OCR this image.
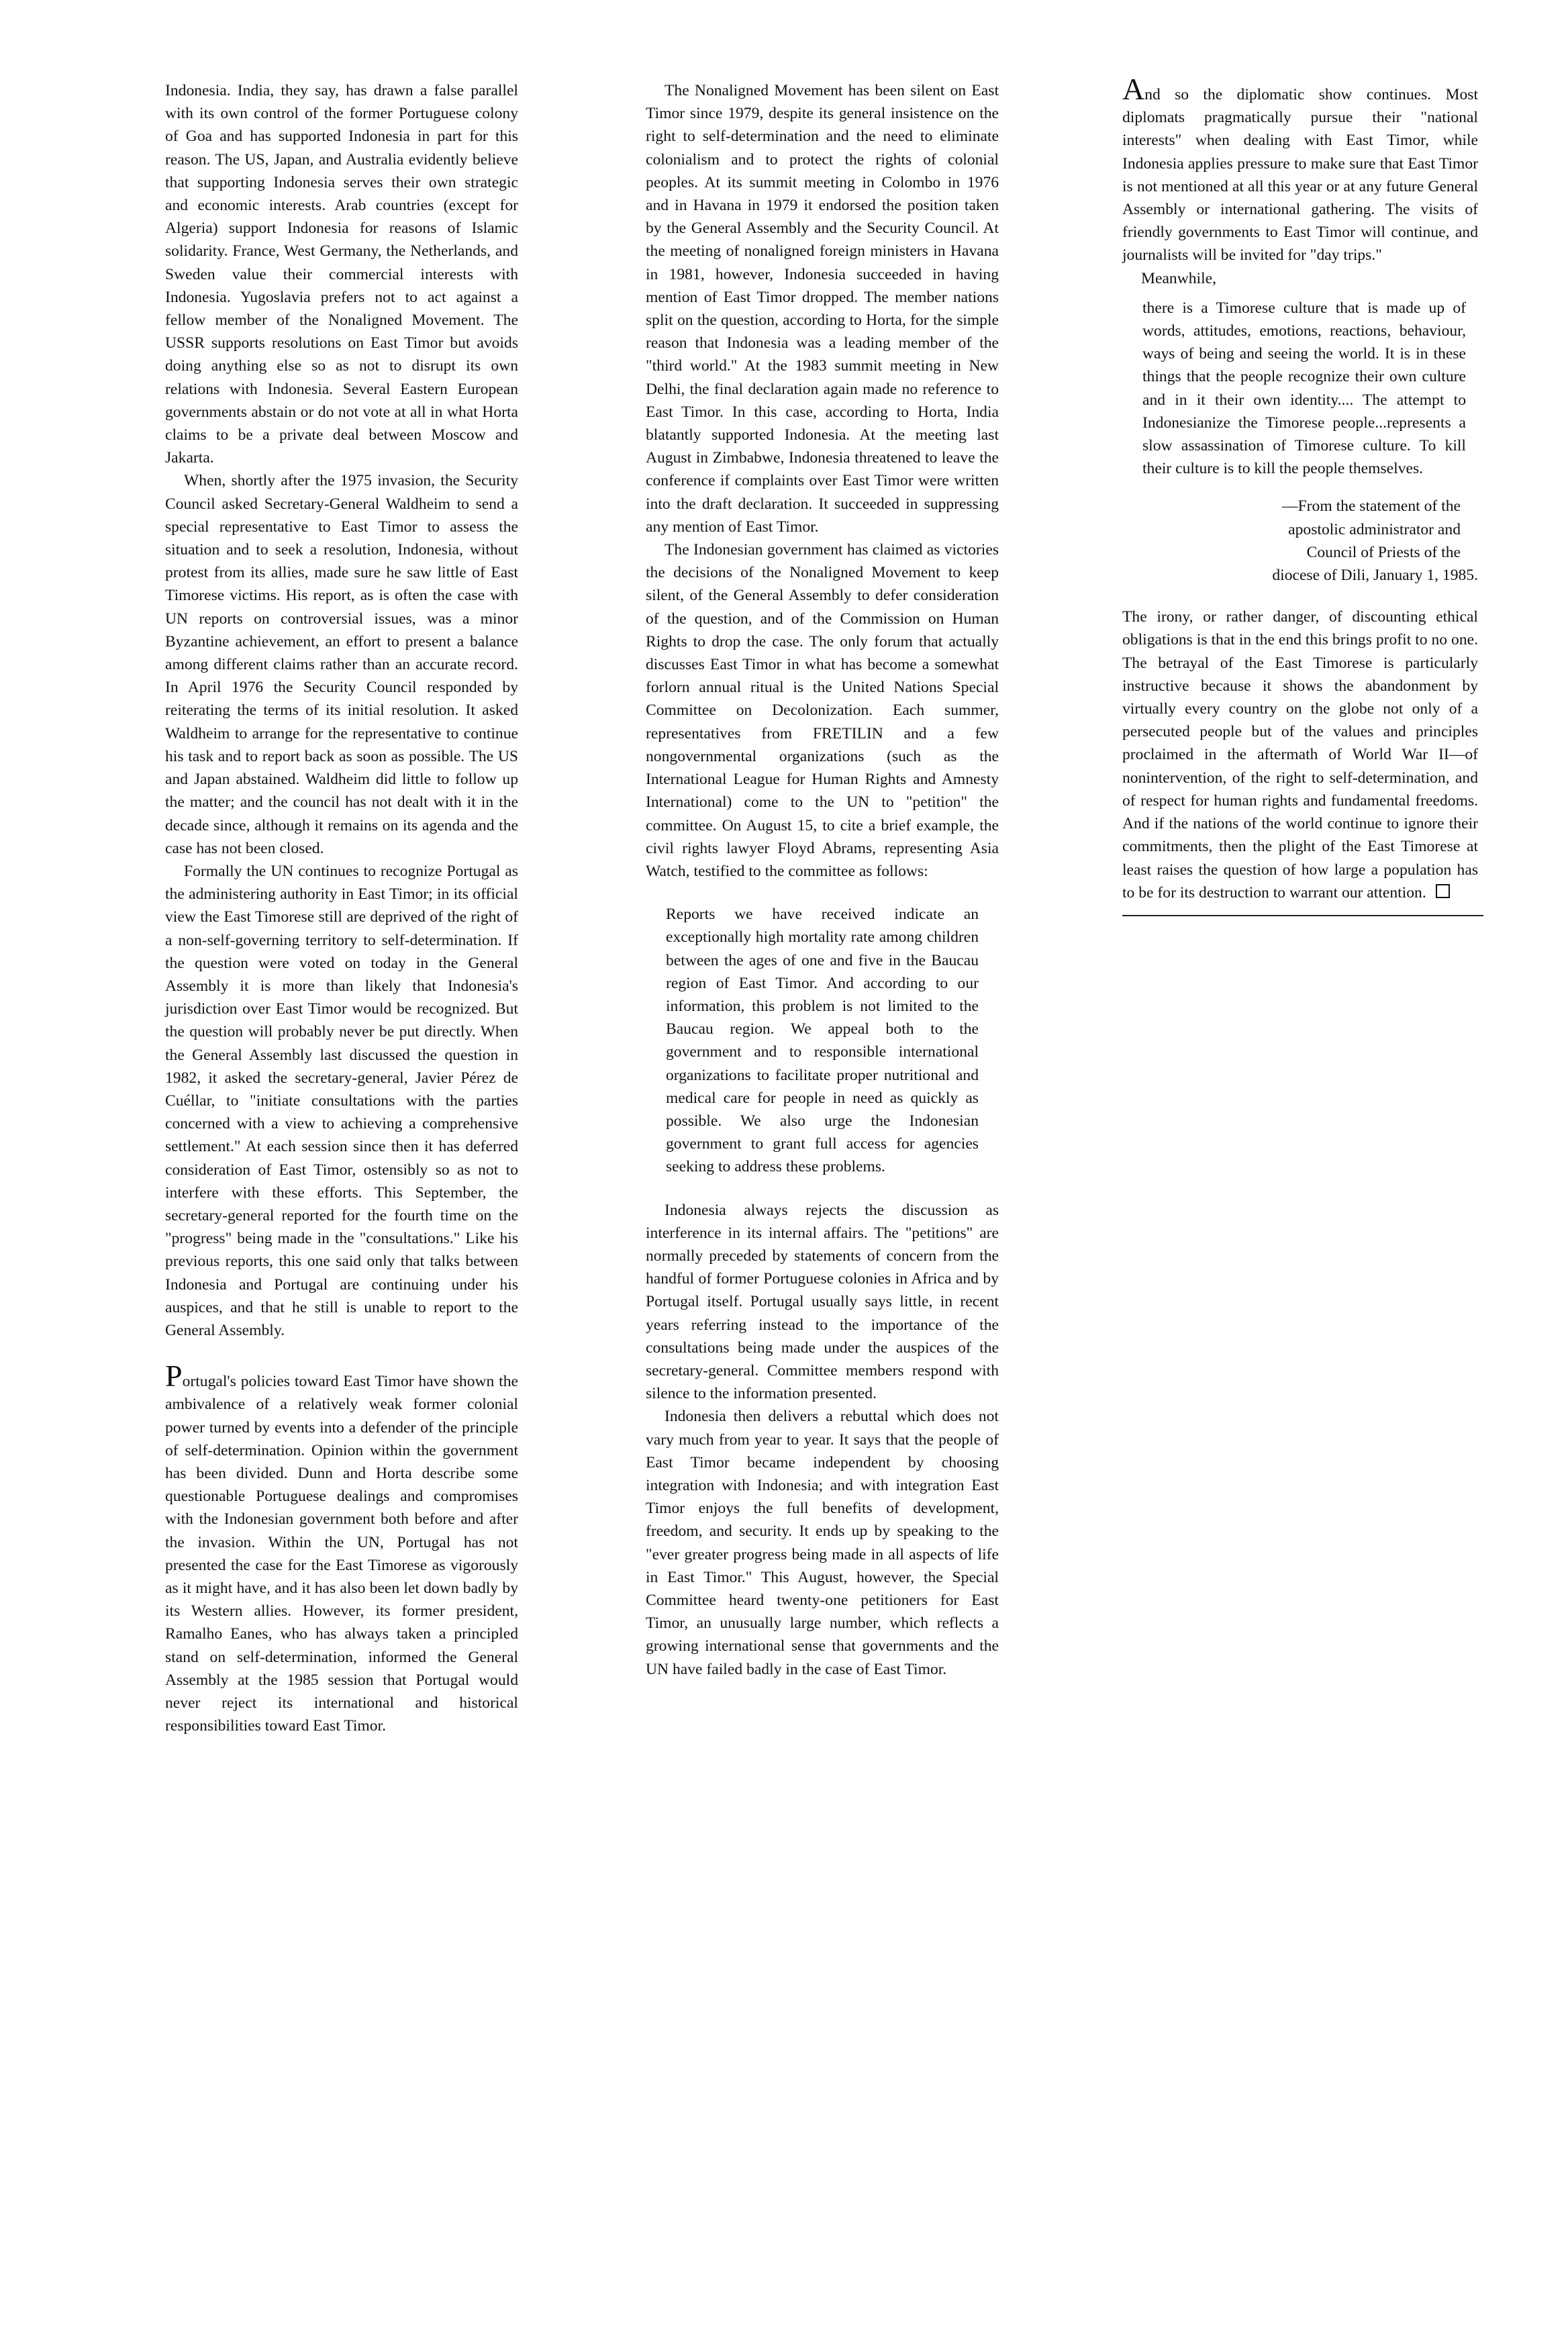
Indonesia. India, they say, has drawn a false parallel with its own control of the former Portuguese colony of Goa and has supported Indonesia in part for this reason. The US, Japan, and Australia evidently believe that supporting Indonesia serves their own strategic and economic interests. Arab countries (except for Algeria) support Indonesia for reasons of Islamic solidarity. France, West Germany, the Netherlands, and Sweden value their commercial interests with Indonesia. Yugoslavia prefers not to act against a fellow member of the Nonaligned Movement. The USSR supports resolutions on East Timor but avoids doing anything else so as not to disrupt its own relations with Indonesia. Several Eastern European governments abstain or do not vote at all in what Horta claims to be a private deal between Moscow and Jakarta.

When, shortly after the 1975 invasion, the Security Council asked Secretary-General Waldheim to send a special representative to East Timor to assess the situation and to seek a resolution, Indonesia, without protest from its allies, made sure he saw little of East Timorese victims. His report, as is often the case with UN reports on controversial issues, was a minor Byzantine achievement, an effort to present a balance among different claims rather than an accurate record. In April 1976 the Security Council responded by reiterating the terms of its initial resolution. It asked Waldheim to arrange for the representative to continue his task and to report back as soon as possible. The US and Japan abstained. Waldheim did little to follow up the matter; and the council has not dealt with it in the decade since, although it remains on its agenda and the case has not been closed.

Formally the UN continues to recognize Portugal as the administering authority in East Timor; in its official view the East Timorese still are deprived of the right of a non-self-governing territory to self-determination. If the question were voted on today in the General Assembly it is more than likely that Indonesia's jurisdiction over East Timor would be recognized. But the question will probably never be put directly. When the General Assembly last discussed the question in 1982, it asked the secretary-general, Javier Pérez de Cuéllar, to "initiate consultations with the parties concerned with a view to achieving a comprehensive settlement." At each session since then it has deferred consideration of East Timor, ostensibly so as not to interfere with these efforts. This September, the secretary-general reported for the fourth time on the "progress" being made in the "consultations." Like his previous reports, this one said only that talks between Indonesia and Portugal are continuing under his auspices, and that he still is unable to report to the General Assembly.

Portugal's policies toward East Timor have shown the ambivalence of a relatively weak former colonial power turned by events into a defender of the principle of self-determination. Opinion within the government has been divided. Dunn and Horta describe some questionable Portuguese dealings and compromises with the Indonesian government both before and after the invasion. Within the UN, Portugal has not presented the case for the East Timorese as vigorously as it might have, and it has also been let down badly by its Western allies. However, its former president, Ramalho Eanes, who has always taken a principled stand on self-determination, informed the General Assembly at the 1985 session that Portugal would never reject its international and historical responsibilities toward East Timor.

The Nonaligned Movement has been silent on East Timor since 1979, despite its general insistence on the right to self-determination and the need to eliminate colonialism and to protect the rights of colonial peoples. At its summit meeting in Colombo in 1976 and in Havana in 1979 it endorsed the position taken by the General Assembly and the Security Council. At the meeting of nonaligned foreign ministers in Havana in 1981, however, Indonesia succeeded in having mention of East Timor dropped. The member nations split on the question, according to Horta, for the simple reason that Indonesia was a leading member of the "third world." At the 1983 summit meeting in New Delhi, the final declaration again made no reference to East Timor. In this case, according to Horta, India blatantly supported Indonesia. At the meeting last August in Zimbabwe, Indonesia threatened to leave the conference if complaints over East Timor were written into the draft declaration. It succeeded in suppressing any mention of East Timor.

The Indonesian government has claimed as victories the decisions of the Nonaligned Movement to keep silent, of the General Assembly to defer consideration of the question, and of the Commission on Human Rights to drop the case. The only forum that actually discusses East Timor in what has become a somewhat forlorn annual ritual is the United Nations Special Committee on Decolonization. Each summer, representatives from FRETILIN and a few nongovernmental organizations (such as the International League for Human Rights and Amnesty International) come to the UN to "petition" the committee. On August 15, to cite a brief example, the civil rights lawyer Floyd Abrams, representing Asia Watch, testified to the committee as follows:

Reports we have received indicate an exceptionally high mortality rate among children between the ages of one and five in the Baucau region of East Timor. And according to our information, this problem is not limited to the Baucau region. We appeal both to the government and to responsible international organizations to facilitate proper nutritional and medical care for people in need as quickly as possible. We also urge the Indonesian government to grant full access for agencies seeking to address these problems.

Indonesia always rejects the discussion as interference in its internal affairs. The "petitions" are normally preceded by statements of concern from the handful of former Portuguese colonies in Africa and by Portugal itself. Portugal usually says little, in recent years referring instead to the importance of the consultations being made under the auspices of the secretary-general. Committee members respond with silence to the information presented.

Indonesia then delivers a rebuttal which does not vary much from year to year. It says that the people of East Timor became independent by choosing integration with Indonesia; and with integration East Timor enjoys the full benefits of development, freedom, and security. It ends up by speaking to the "ever greater progress being made in all aspects of life in East Timor." This August, however, the Special Committee heard twenty-one petitioners for East Timor, an unusually large number, which reflects a growing international sense that governments and the UN have failed badly in the case of East Timor.

And so the diplomatic show continues. Most diplomats pragmatically pursue their "national interests" when dealing with East Timor, while Indonesia applies pressure to make sure that East Timor is not mentioned at all this year or at any future General Assembly or international gathering. The visits of friendly governments to East Timor will continue, and journalists will be invited for "day trips."

Meanwhile,

there is a Timorese culture that is made up of words, attitudes, emotions, reactions, behaviour, ways of being and seeing the world. It is in these things that the people recognize their own culture and in it their own identity.... The attempt to Indonesianize the Timorese people...represents a slow assassination of Timorese culture. To kill their culture is to kill the people themselves.

—From the statement of the

apostolic administrator and

Council of Priests of the

diocese of Dili, January 1, 1985.

The irony, or rather danger, of discounting ethical obligations is that in the end this brings profit to no one. The betrayal of the East Timorese is particularly instructive because it shows the abandonment by virtually every country on the globe not only of a persecuted people but of the values and principles proclaimed in the aftermath of World War II—of nonintervention, of the right to self-determination, and of respect for human rights and fundamental freedoms. And if the nations of the world continue to ignore their commitments, then the plight of the East Timorese at least raises the question of how large a population has to be for its destruction to warrant our attention.
